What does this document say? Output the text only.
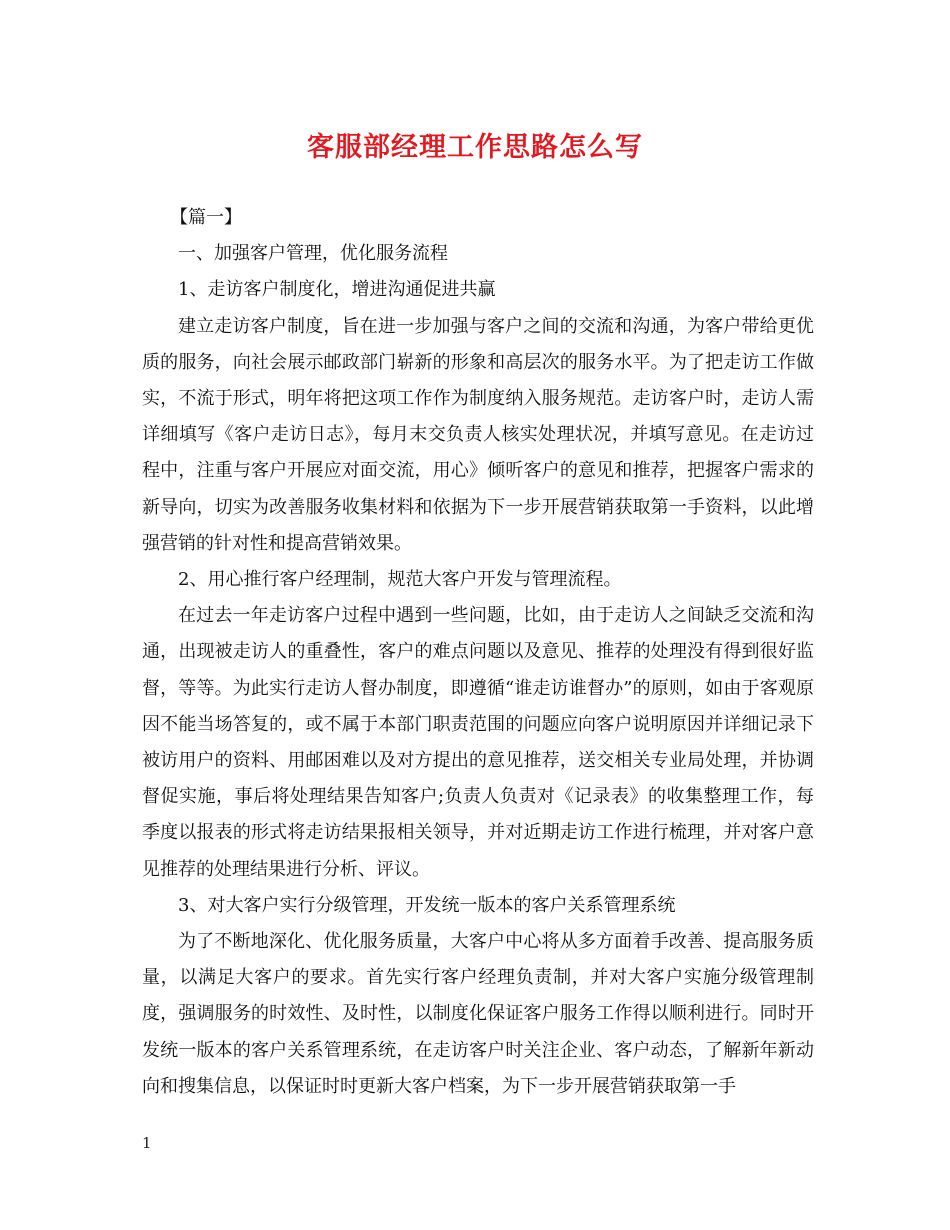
客服部经理工作思路怎么写

【篇一】

一、加强客户管理，优化服务流程

1、走访客户制度化，增进沟通促进共赢

建立走访客户制度，旨在进一步加强与客户之间的交流和沟通，为客户带给更优质的服务，向社会展示邮政部门崭新的形象和高层次的服务水平。为了把走访工作做实，不流于形式，明年将把这项工作作为制度纳入服务规范。走访客户时，走访人需详细填写《客户走访日志》，每月末交负责人核实处理状况，并填写意见。在走访过程中，注重与客户开展应对面交流，用心》倾听客户的意见和推荐，把握客户需求的新导向，切实为改善服务收集材料和依据为下一步开展营销获取第一手资料，以此增强营销的针对性和提高营销效果。

2、用心推行客户经理制，规范大客户开发与管理流程。

在过去一年走访客户过程中遇到一些问题，比如，由于走访人之间缺乏交流和沟通，出现被走访人的重叠性，客户的难点问题以及意见、推荐的处理没有得到很好监督，等等。为此实行走访人督办制度，即遵循“谁走访谁督办”的原则，如由于客观原因不能当场答复的，或不属于本部门职责范围的问题应向客户说明原因并详细记录下被访用户的资料、用邮困难以及对方提出的意见推荐，送交相关专业局处理，并协调督促实施，事后将处理结果告知客户;负责人负责对《记录表》的收集整理工作，每季度以报表的形式将走访结果报相关领导，并对近期走访工作进行梳理，并对客户意见推荐的处理结果进行分析、评议。

3、对大客户实行分级管理，开发统一版本的客户关系管理系统

为了不断地深化、优化服务质量，大客户中心将从多方面着手改善、提高服务质量，以满足大客户的要求。首先实行客户经理负责制，并对大客户实施分级管理制度，强调服务的时效性、及时性，以制度化保证客户服务工作得以顺利进行。同时开发统一版本的客户关系管理系统，在走访客户时关注企业、客户动态，了解新年新动向和搜集信息，以保证时时更新大客户档案，为下一步开展营销获取第一手

1
